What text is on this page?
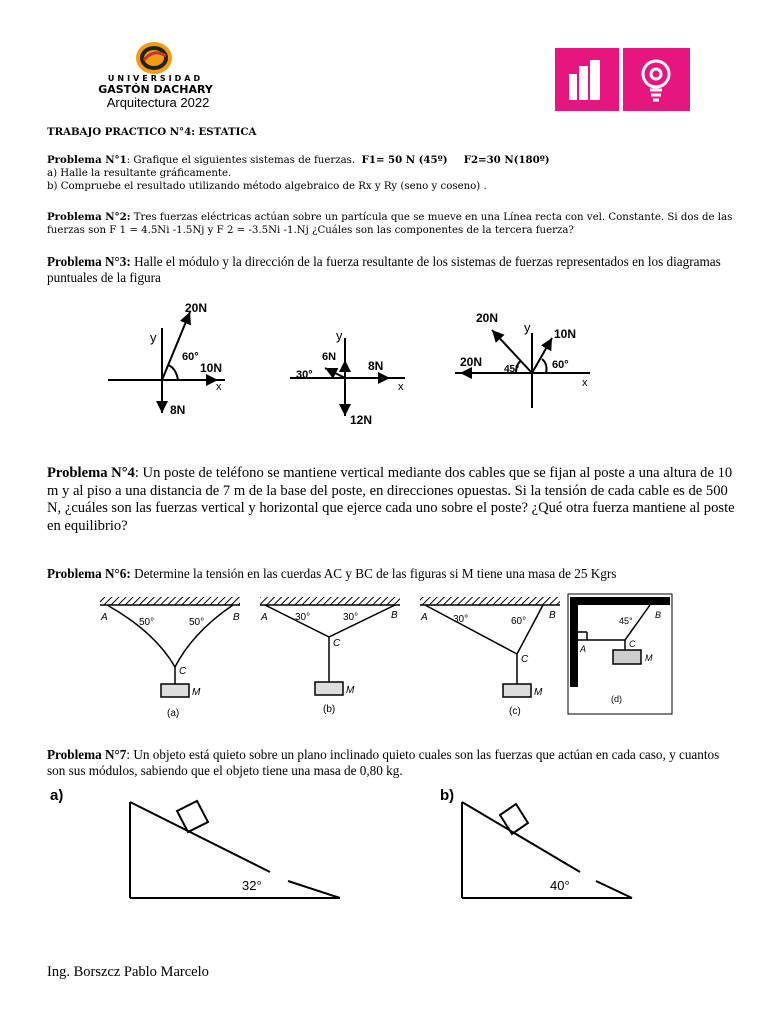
UNIVERSIDAD
GASTÓN DACHARY
Arquitectura 2022
TRABAJO PRACTICO N°4: ESTATICA
Problema N°1: Grafique el siguientes sistemas de fuerzas. F1= 50 N (45º) F2=30 N(180º)
a) Halle la resultante gráficamente.
b) Compruebe el resultado utilizando método algebraico de Rx y Ry (seno y coseno) .
Problema N°2: Tres fuerzas eléctricas actúan sobre un partícula que se mueve en una Línea recta con vel. Constante. Si dos de las fuerzas son F 1 = 4.5Ni -1.5Nj y F 2 = -3.5Ni -1.Nj ¿Cuáles son las componentes de la tercera fuerza?
Problema N°3: Halle el módulo y la dirección de la fuerza resultante de los sistemas de fuerzas representados en los diagramas puntuales de la figura
y
20N
60°
10N
x
8N
y
6N
30°
8N
x
12N
20N
y 10N
20N
45°	60°
x
Problema N°4: Un poste de teléfono se mantiene vertical mediante dos cables que se fijan al poste a una altura de 10 m y al piso a una distancia de 7 m de la base del poste, en direcciones opuestas. Si la tensión de cada cable es de 500 N, ¿cuáles son las fuerzas vertical y horizontal que ejerce cada uno sobre el poste? ¿Qué otra fuerza mantiene al poste en equilibrio?
Problema N°6: Determine la tensión en las cuerdas AC y BC de las figuras si M tiene una masa de 25 Kgrs
A	50°	50°	B
C
M
(a)
A	30°	30°	B
C
M
(b)
A	30°	60°
B
C
M
(c)
A
45°
B
C
M
(d)
Problema N°7: Un objeto está quieto sobre un plano inclinado quieto cuales son las fuerzas que actúan en cada caso, y cuantos son sus módulos, sabiendo que el objeto tiene una masa de 0,80 kg.
a)
32°
b)
40°
Ing. Borszcz Pablo Marcelo
